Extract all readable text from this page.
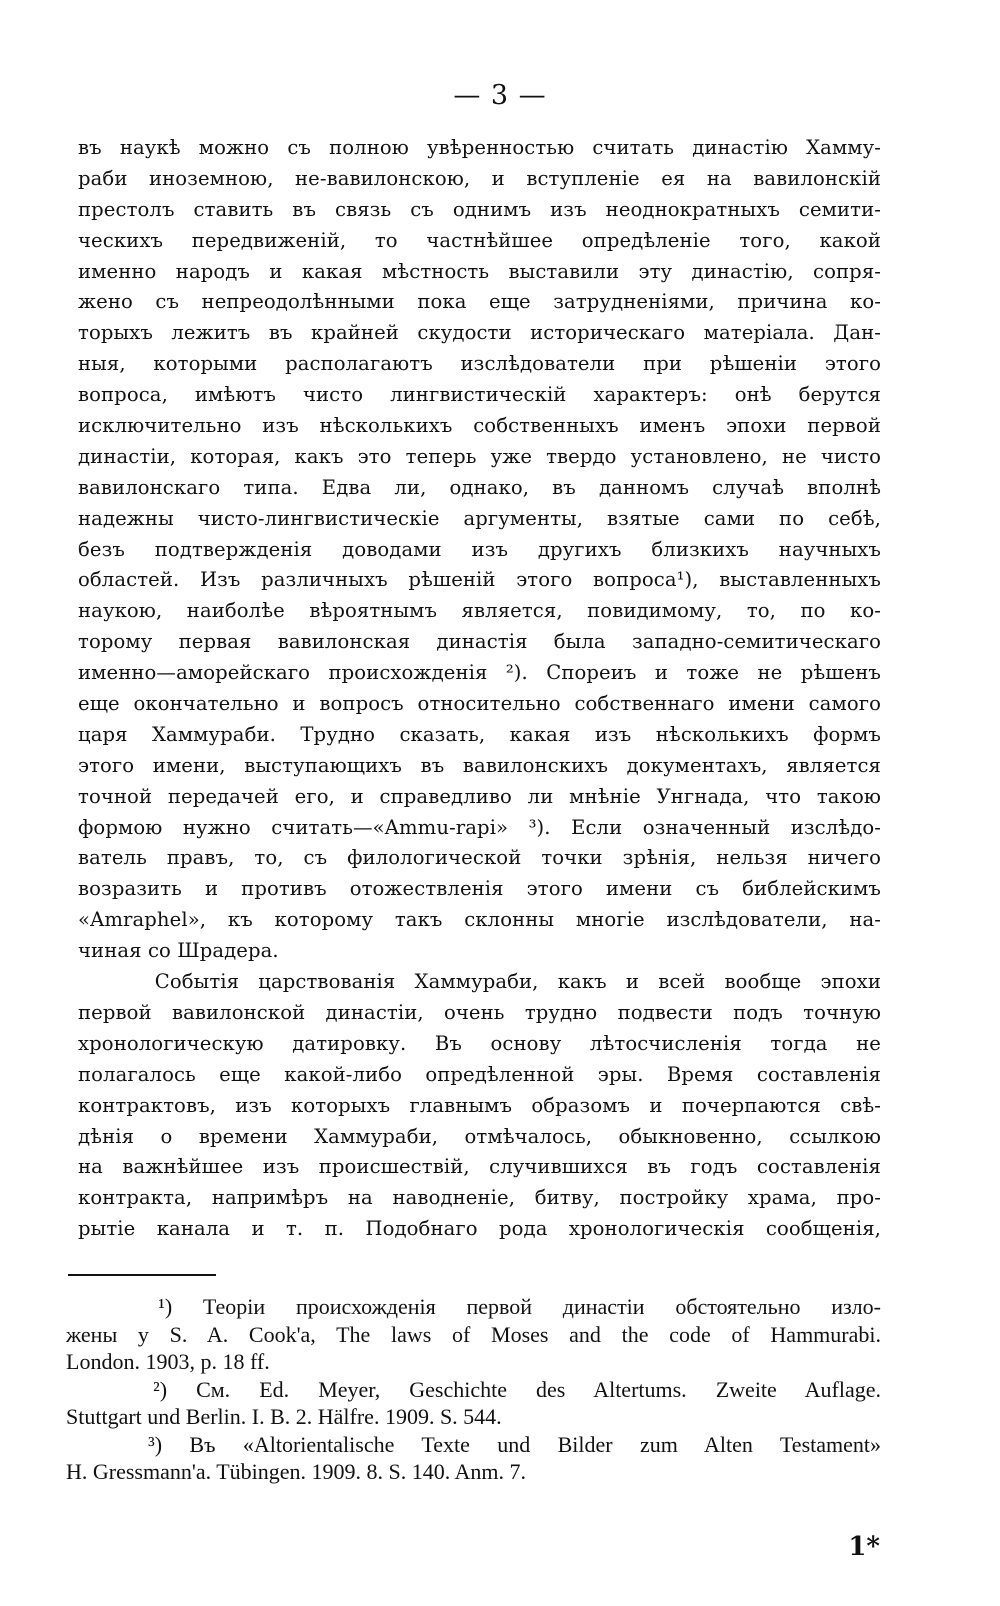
— 3 —
въ наукѣ можно съ полною увѣренностью считать династію Хамму-
раби иноземною, не-вавилонскою, и вступленіе ея на вавилонскій
престолъ ставить въ связь съ однимъ изъ неоднократныхъ семити-
ческихъ передвиженій, то частнѣйшее опредѣленіе того, какой
именно народъ и какая мѣстность выставили эту династію, сопря-
жено съ непреодолѣнными пока еще затрудненіями, причина ко-
торыхъ лежитъ въ крайней скудости историческаго матеріала. Дан-
ныя, которыми располагаютъ изслѣдователи при рѣшеніи этого
вопроса, имѣютъ чисто лингвистическій характеръ: онѣ берутся
исключительно изъ нѣсколькихъ собственныхъ именъ эпохи первой
династіи, которая, какъ это теперь уже твердо установлено, не чисто
вавилонскаго типа. Едва ли, однако, въ данномъ случаѣ вполнѣ
надежны чисто-лингвистическіе аргументы, взятые сами по себѣ,
безъ подтвержденія доводами изъ другихъ близкихъ научныхъ
областей. Изъ различныхъ рѣшеній этого вопроса¹), выставленныхъ
наукою, наиболѣе вѣроятнымъ является, повидимому, то, по ко-
торому первая вавилонская династія была западно-семитическаго
именно—аморейскаго происхожденія ²). Спореиъ и тоже не рѣшенъ
еще окончательно и вопросъ относительно собственнаго имени самого
царя Хаммураби. Трудно сказать, какая изъ нѣсколькихъ формъ
этого имени, выступающихъ въ вавилонскихъ документахъ, является
точной передачей его, и справедливо ли мнѣніе Унгнада, что такою
формою нужно считать—«Ammu-rapi» ³). Если означенный изслѣдо-
ватель правъ, то, съ филологической точки зрѣнія, нельзя ничего
возразить и противъ отожествленія этого имени съ библейскимъ
«Amraphel», къ которому такъ склонны многіе изслѣдователи, на-
чиная со Шрадера.
Событія царствованія Хаммураби, какъ и всей вообще эпохи
первой вавилонской династіи, очень трудно подвести подъ точную
хронологическую датировку. Въ основу лѣтосчисленія тогда не
полагалось еще какой-либо опредѣленной эры. Время составленія
контрактовъ, изъ которыхъ главнымъ образомъ и почерпаются свѣ-
дѣнія о времени Хаммураби, отмѣчалось, обыкновенно, ссылкою
на важнѣйшее изъ происшествій, случившихся въ годъ составленія
контракта, напримѣръ на наводненіе, битву, постройку храма, про-
рытіе канала и т. п. Подобнаго рода хронологическія сообщенія,
¹) Теоріи происхожденія первой династіи обстоятельно изло-
жены у S. A. Cook'a, The laws of Moses and the code of Hammurabi.
London. 1903, p. 18 ff.
²) См. Ed. Meyer, Geschichte des Altertums. Zweite Auflage.
Stuttgart und Berlin. I. B. 2. Hälfre. 1909. S. 544.
³) Въ «Altorientalische Texte und Bilder zum Alten Testament»
H. Gressmann'a. Tübingen. 1909. 8. S. 140. Anm. 7.
1*
